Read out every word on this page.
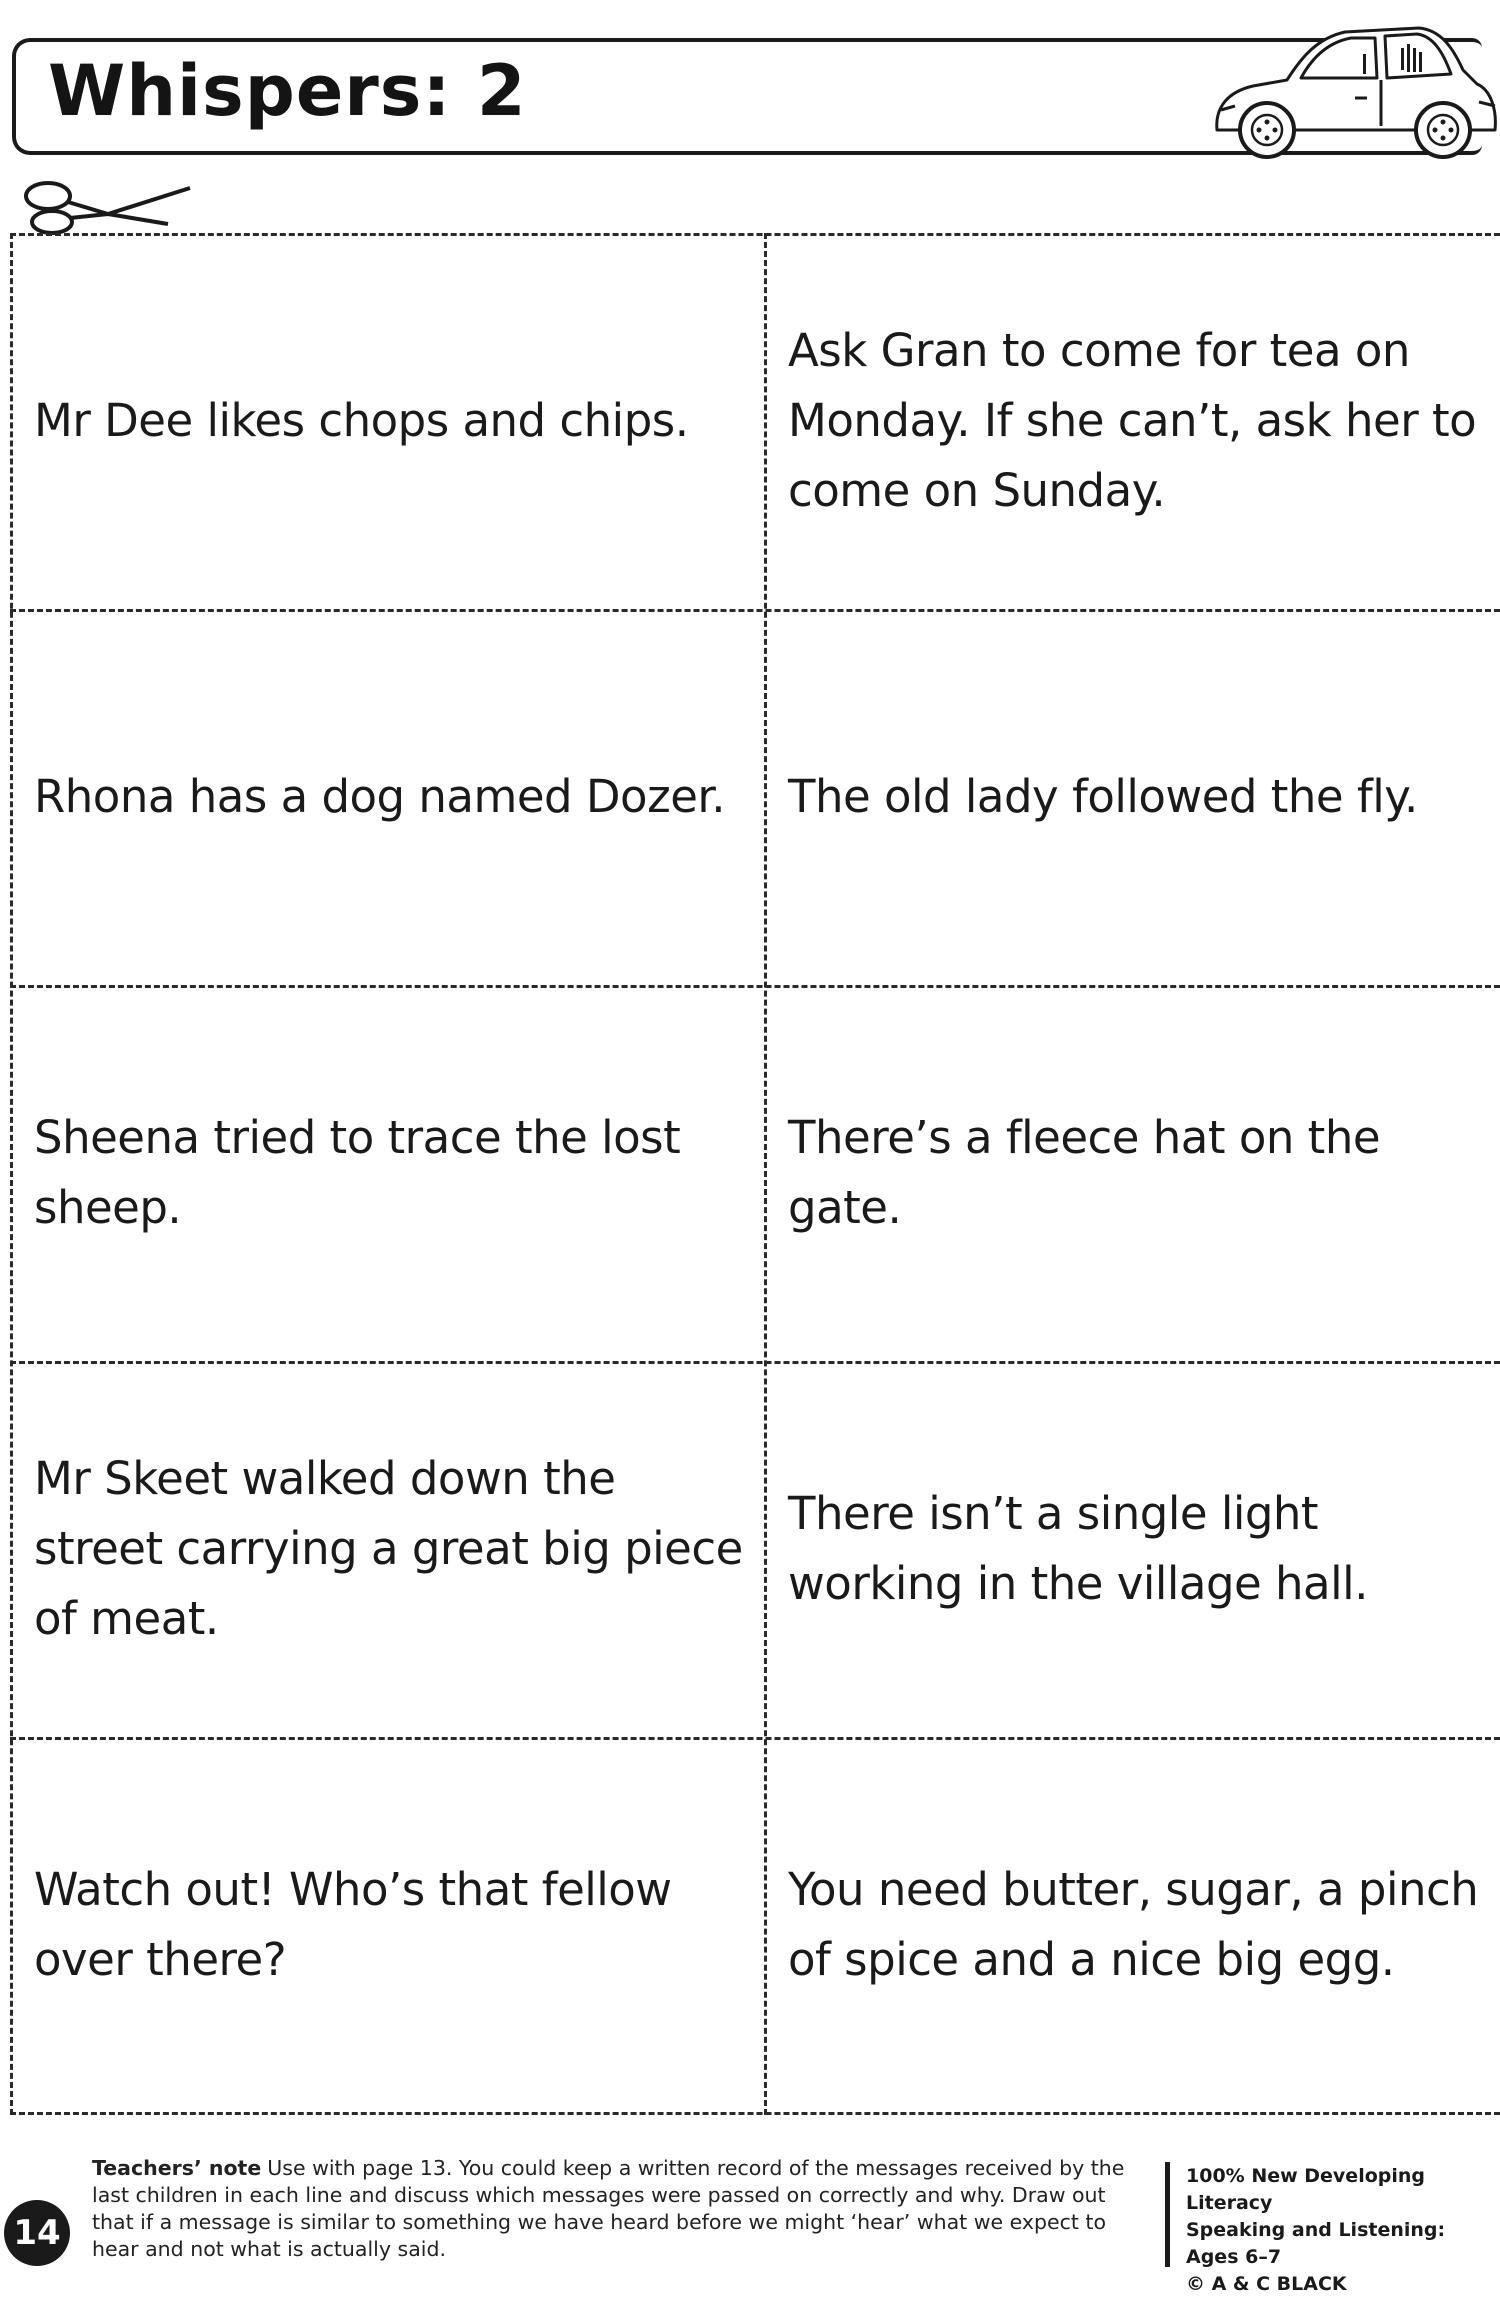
Whispers: 2
Mr Dee likes chops and chips.
Ask Gran to come for tea on Monday. If she can’t, ask her to come on Sunday.
Rhona has a dog named Dozer. The old lady followed the fly.
Sheena tried to trace the lost sheep.
There’s a fleece hat on the gate.
Mr Skeet walked down the street carrying a great big piece of meat.
There isn’t a single light working in the village hall.
Watch out! Who’s that fellow over there?
You need butter, sugar, a pinch of spice and a nice big egg.
14
Teachers’ note Use with page 13. You could keep a written record of the messages received by the last children in each line and discuss which messages were passed on correctly and why. Draw out that if a message is similar to something we have heard before we might ‘hear’ what we expect to hear and not what is actually said.
100% New Developing Literacy
Speaking and Listening:
Ages 6–7
© A & C BLACK
